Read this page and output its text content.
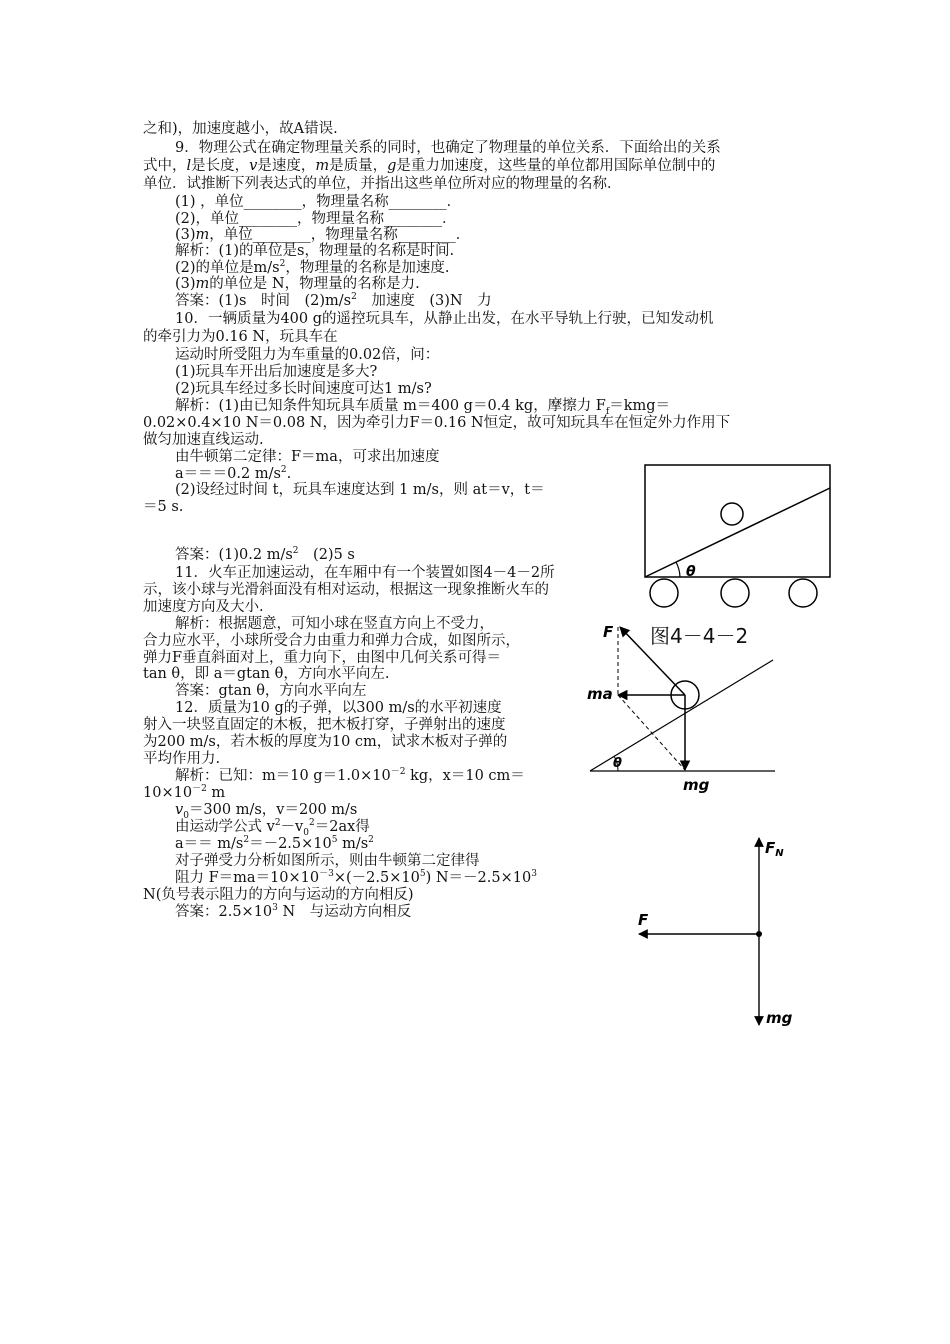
之和)，加速度越小，故A错误.
9．物理公式在确定物理量关系的同时，也确定了物理量的单位关系．下面给出的关系
式中，l是长度，v是速度，m是质量，g是重力加速度，这些量的单位都用国际单位制中的
单位．试推断下列表达式的单位，并指出这些单位所对应的物理量的名称．
(1) ，单位________，物理量名称________．
(2)，单位________，物理量名称________．
(3)m，单位________，物理量名称________．
解析：(1)的单位是s，物理量的名称是时间.
(2)的单位是$m/s^2$，物理量的名称是加速度.
(3)m的单位是 N，物理量的名称是力.
答案：(1)s　时间　$(2)m/s^2$　加速度　(3)N　力
10．一辆质量为400 g的遥控玩具车，从静止出发，在水平导轨上行驶，已知发动机
的牵引力为0.16 N，玩具车在
运动时所受阻力为车重量的0.02倍，问：
(1)玩具车开出后加速度是多大?
(2)玩具车经过多长时间速度可达1 m/s?
解析：(1)由已知条件知玩具车质量 m＝400 g＝0.4 kg，摩擦力 $F_f=kmg=$
0.02×0.4×10 N＝0.08 N，因为牵引力F＝0.16 N恒定，故可知玩具车在恒定外力作用下
做匀加速直线运动.
由牛顿第二定律：F＝ma，可求出加速度
a＝＝＝0.2 $m/s^2$.
(2)设经过时间 t，玩具车速度达到 1 m/s，则 at＝v，t＝
＝5 s.
答案：(1)0.2 $m/s^2$　(2)5 s
11．火车正加速运动，在车厢中有一个装置如图4－4－2所
示，该小球与光滑斜面没有相对运动，根据这一现象推断火车的
加速度方向及大小.
解析：根据题意，可知小球在竖直方向上不受力，
合力应水平，小球所受合力由重力和弹力合成，如图所示，
弹力F垂直斜面对上，重力向下，由图中几何关系可得＝
tan θ，即 a＝gtan θ，方向水平向左.
答案：gtan θ，方向水平向左
12．质量为10 g的子弹，以300 m/s的水平初速度
射入一块竖直固定的木板，把木板打穿，子弹射出的速度
为200 m/s，若木板的厚度为10 cm，试求木板对子弹的
平均作用力.
解析：已知：m＝10 $g=1.0\times 10^{-2}$ kg，x＝10 cm＝
$10\times 10^{-2}$ m
$v_0=300$ m/s，v＝200 m/s
由运动学公式 $v^2-v_0^2=2ax$得
$a== m/s^2=-2.5\times 10^5$ $m/s^2$
对子弹受力分析如图所示，则由牛顿第二定律得
阻力 $F=ma=10\times 10^{-3}\times(-2.5\times 10^5)$ $N=-2.5\times 10^3$
N(负号表示阻力的方向与运动的方向相反)
答案：$2.5\times 10^3$ N　与运动方向相反
θ
图4－4－2
θ
F
ma
mg
$F_N$
F
mg
